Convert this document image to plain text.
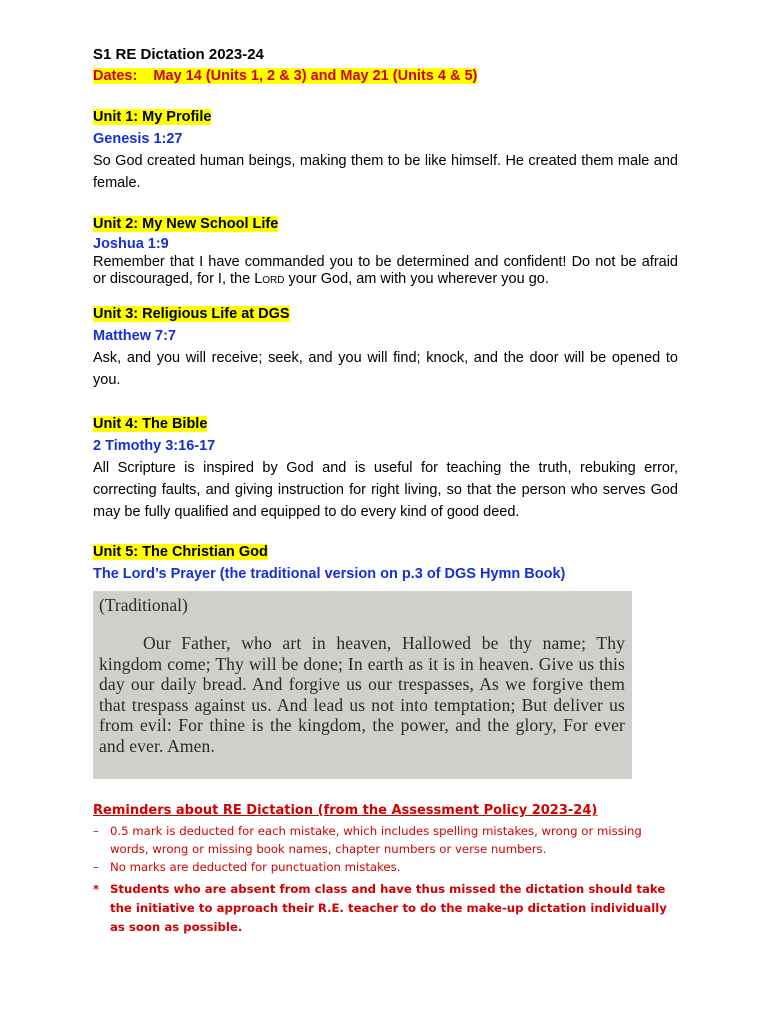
S1 RE Dictation 2023-24

Dates:    May 14 (Units 1, 2 & 3) and May 21 (Units 4 & 5)

Unit 1: My Profile

Genesis 1:27

So God created human beings, making them to be like himself. He created them male and female.

Unit 2: My New School Life

Joshua 1:9

Remember that I have commanded you to be determined and confident! Do not be afraid or discouraged, for I, the Lord your God, am with you wherever you go.

Unit 3: Religious Life at DGS

Matthew 7:7

Ask, and you will receive; seek, and you will find; knock, and the door will be opened to you.

Unit 4: The Bible

2 Timothy 3:16-17

All Scripture is inspired by God and is useful for teaching the truth, rebuking error, correcting faults, and giving instruction for right living, so that the person who serves God may be fully qualified and equipped to do every kind of good deed.

Unit 5: The Christian God

The Lord’s Prayer (the traditional version on p.3 of DGS Hymn Book)

(Traditional)
Our Father, who art in heaven, Hallowed be thy name; Thy kingdom come; Thy will be done; In earth as it is in heaven. Give us this day our daily bread. And forgive us our trespasses, As we forgive them that trespass against us. And lead us not into temptation; But deliver us from evil: For thine is the kingdom, the power, and the glory, For ever and ever. Amen.

Reminders about RE Dictation (from the Assessment Policy 2023-24)

– 0.5 mark is deducted for each mistake, which includes spelling mistakes, wrong or missing words, wrong or missing book names, chapter numbers or verse numbers.
– No marks are deducted for punctuation mistakes.
* Students who are absent from class and have thus missed the dictation should take the initiative to approach their R.E. teacher to do the make-up dictation individually as soon as possible.
